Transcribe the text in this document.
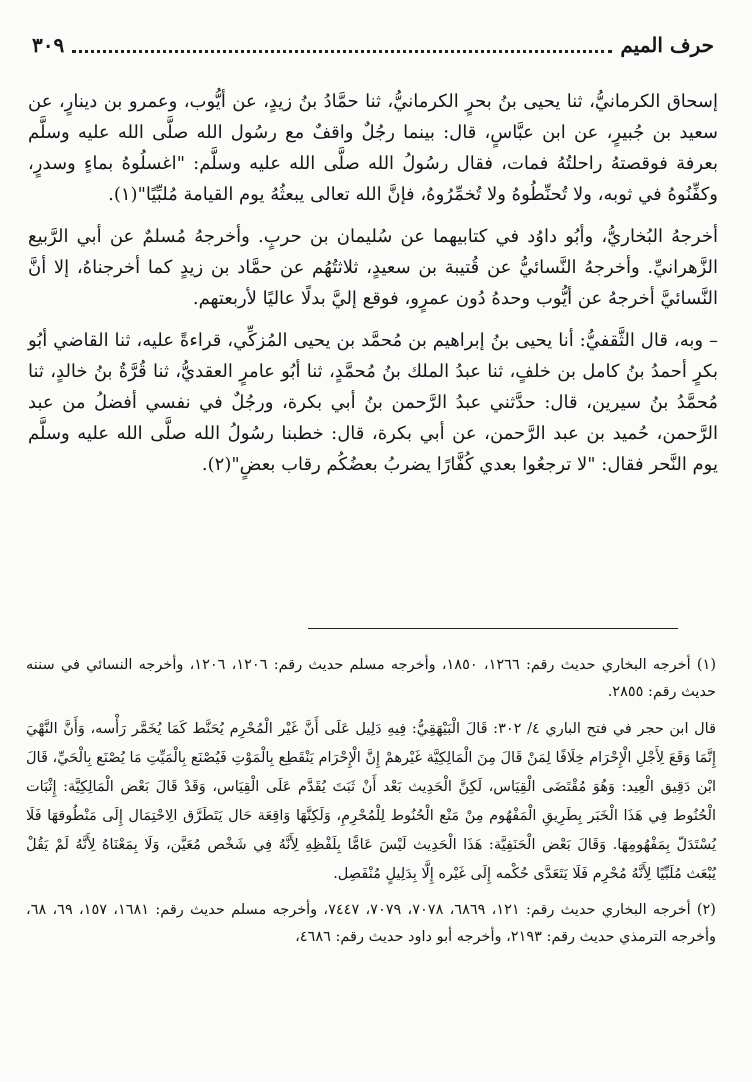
حرف الميم
٣٠٩

إسحاق الكرمانيُّ، ثنا يحيى بنُ بحرٍ الكرمانيُّ، ثنا حمَّادُ بنُ زيدٍ، عن أيُّوب، وعمرو بن دينارٍ، عن سعيد بن جُبيرٍ، عن ابن عبَّاسٍ، قال: بينما رجُلٌ واقفٌ مع رسُول الله صلَّى الله عليه وسلَّم بعرفة فوقصتهُ راحلتُهُ فمات، فقال رسُولُ الله صلَّى الله عليه وسلَّم: "اغسلُوهُ بماءٍ وسدرٍ، وكفِّنُوهُ في ثوبه، ولا تُحنِّطُوهُ ولا تُخمِّرُوهُ، فإنَّ الله تعالى يبعثُهُ يوم القيامة مُلبِّيًا"(١).

أخرجهُ البُخاريُّ، وأبُو داوُد في كتابيهما عن سُليمان بن حربٍ. وأخرجهُ مُسلمٌ عن أبي الرَّبيع الزَّهرانيِّ. وأخرجهُ النَّسائيُّ عن قُتيبة بن سعيدٍ، ثلاثتُهُم عن حمَّاد بن زيدٍ كما أخرجناهُ، إلا أنَّ النَّسائيَّ أخرجهُ عن أيُّوب وحدهُ دُون عمرٍو، فوقع إليَّ بدلًا عاليًا لأربعتهم.

– وبه، قال الثَّقفيُّ: أنا يحيى بنُ إبراهيم بن مُحمَّد بن يحيى المُزكِّي، قراءةً عليه، ثنا القاضي أبُو بكرٍ أحمدُ بنُ كامل بن خلفٍ، ثنا عبدُ الملك بنُ مُحمَّدٍ، ثنا أبُو عامرٍ العقديُّ، ثنا قُرَّةُ بنُ خالدٍ، ثنا مُحمَّدُ بنُ سيرين، قال: حدَّثني عبدُ الرَّحمن بنُ أبي بكرة، ورجُلٌ في نفسي أفضلُ من عبد الرَّحمن، حُميد بن عبد الرَّحمن، عن أبي بكرة، قال: خطبنا رسُولُ الله صلَّى الله عليه وسلَّم يوم النَّحر فقال: "لا ترجعُوا بعدي كُفَّارًا يضربُ بعضُكُم رقاب بعضٍ"(٢).

(١) أخرجه البخاري حديث رقم: ١٢٦٦، ١٨٥٠، وأخرجه مسلم حديث رقم: ١٢٠٦، ١٢٠٦، وأخرجه النسائي في سننه حديث رقم: ٢٨٥٥.

قال ابن حجر في فتح الباري ٤/ ٣٠٢: قَالَ الْبَيْهَقِيُّ: فِيهِ دَلِيل عَلَى أَنَّ غَيْر الْمُحْرِم يُحَنَّط كَمَا يُخَمَّر رَأْسه، وَأَنَّ النَّهْيَ إِنَّمَا وَقَعَ لِأَجْلِ الْإِحْرَام خِلَافًا لِمَنْ قَالَ مِنَ الْمَالِكِيَّة غَيْرهمْ إِنَّ الْإِحْرَام يَنْقَطِع بِالْمَوْتِ فَيُصْنَع بِالْمَيِّتِ مَا يُصْنَع بِالْحَيِّ، قَالَ ابْن دَقِيق الْعِيد: وَهُوَ مُقْتَضَى الْقِيَاس، لَكِنَّ الْحَدِيث بَعْد أَنْ ثَبَتَ يُقَدَّم عَلَى الْقِيَاس، وَقَدْ قَالَ بَعْض الْمَالِكِيَّة: إِثْبَات الْحُنُوط فِي هَذَا الْخَبَر بِطَرِيقِ الْمَفْهُوم مِنْ مَنْع الْحُنُوط لِلْمُحْرِمِ، وَلَكِنَّهَا وَاقِعَة حَال يَتَطَرَّق الِاحْتِمَال إِلَى مَنْطُوقهَا فَلَا يُسْتَدَلّ بِمَفْهُومِهَا. وَقَالَ بَعْض الْحَنَفِيَّة: هَذَا الْحَدِيث لَيْسَ عَامًّا بِلَفْظِهِ لِأَنَّهُ فِي شَخْص مُعَيَّن، وَلَا بِمَعْنَاهُ لِأَنَّهُ لَمْ يَقُلْ يُبْعَث مُلَبِّيًا لِأَنَّهُ مُحْرِم فَلَا يَتَعَدَّى حُكْمه إِلَى غَيْره إِلَّا بِدَلِيلٍ مُنْفَصِل.

(٢) أخرجه البخاري حديث رقم: ١٢١، ٦٨٦٩، ٧٠٧٨، ٧٠٧٩، ٧٤٤٧، وأخرجه مسلم حديث رقم: ١٦٨١، ١٥٧، ٦٩، ٦٨، وأخرجه الترمذي حديث رقم: ٢١٩٣، وأخرجه أبو داود حديث رقم: ٤٦٨٦،
